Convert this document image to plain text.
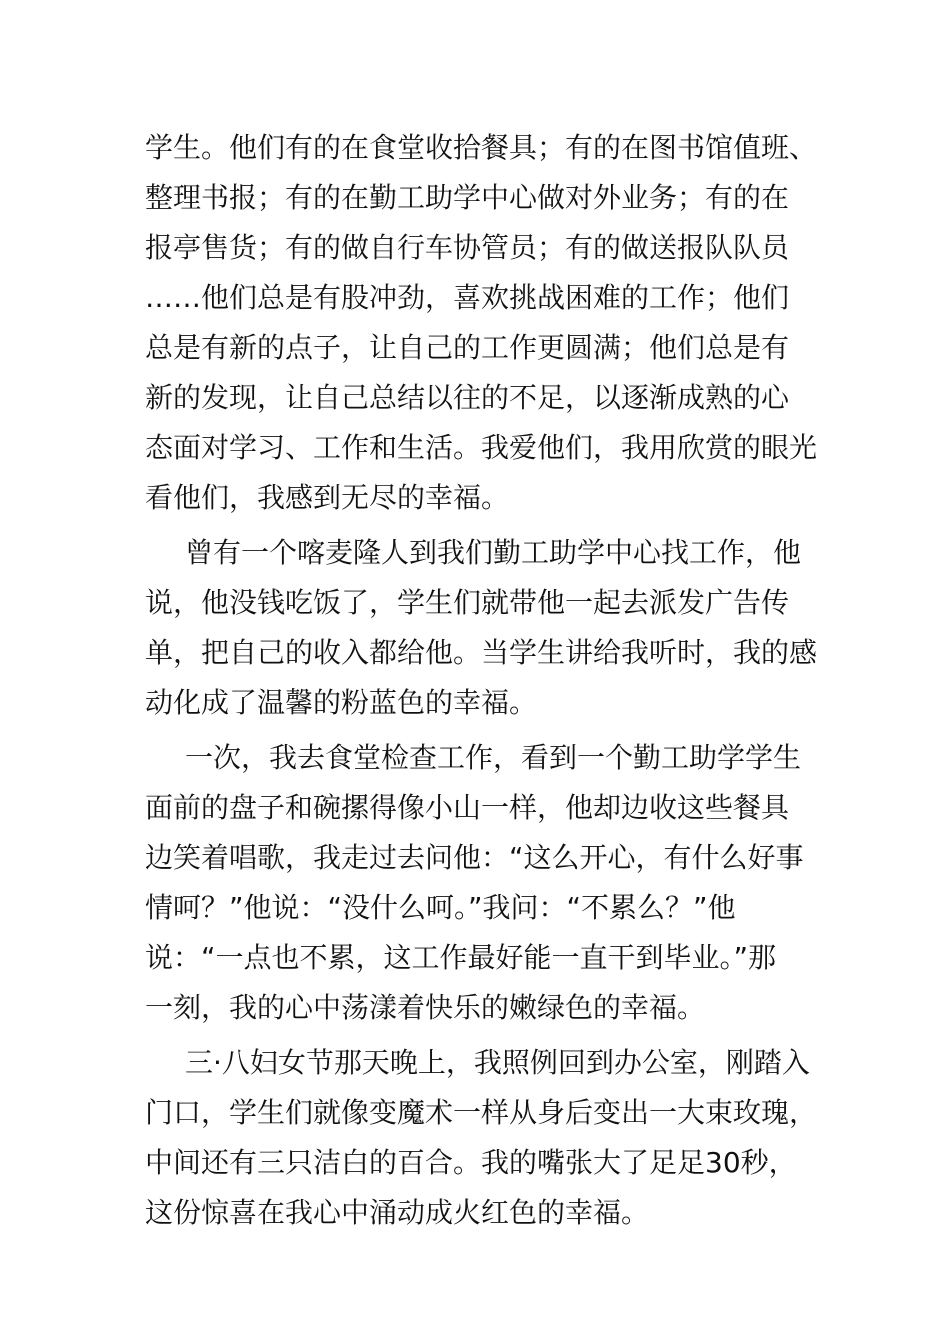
学生。他们有的在食堂收拾餐具；有的在图书馆值班、
整理书报；有的在勤工助学中心做对外业务；有的在
报亭售货；有的做自行车协管员；有的做送报队队员
……他们总是有股冲劲，喜欢挑战困难的工作；他们
总是有新的点子，让自己的工作更圆满；他们总是有
新的发现，让自己总结以往的不足，以逐渐成熟的心
态面对学习、工作和生活。我爱他们，我用欣赏的眼光
看他们，我感到无尽的幸福。

曾有一个喀麦隆人到我们勤工助学中心找工作，他
说，他没钱吃饭了，学生们就带他一起去派发广告传
单，把自己的收入都给他。当学生讲给我听时，我的感
动化成了温馨的粉蓝色的幸福。

一次，我去食堂检查工作，看到一个勤工助学学生
面前的盘子和碗摞得像小山一样，他却边收这些餐具
边笑着唱歌，我走过去问他：“这么开心，有什么好事
情呵？”他说：“没什么呵。”我问：“不累么？”他
说：“一点也不累，这工作最好能一直干到毕业。”那
一刻，我的心中荡漾着快乐的嫩绿色的幸福。

三·八妇女节那天晚上，我照例回到办公室，刚踏入
门口，学生们就像变魔术一样从身后变出一大束玫瑰，
中间还有三只洁白的百合。我的嘴张大了足足30秒，
这份惊喜在我心中涌动成火红色的幸福。
